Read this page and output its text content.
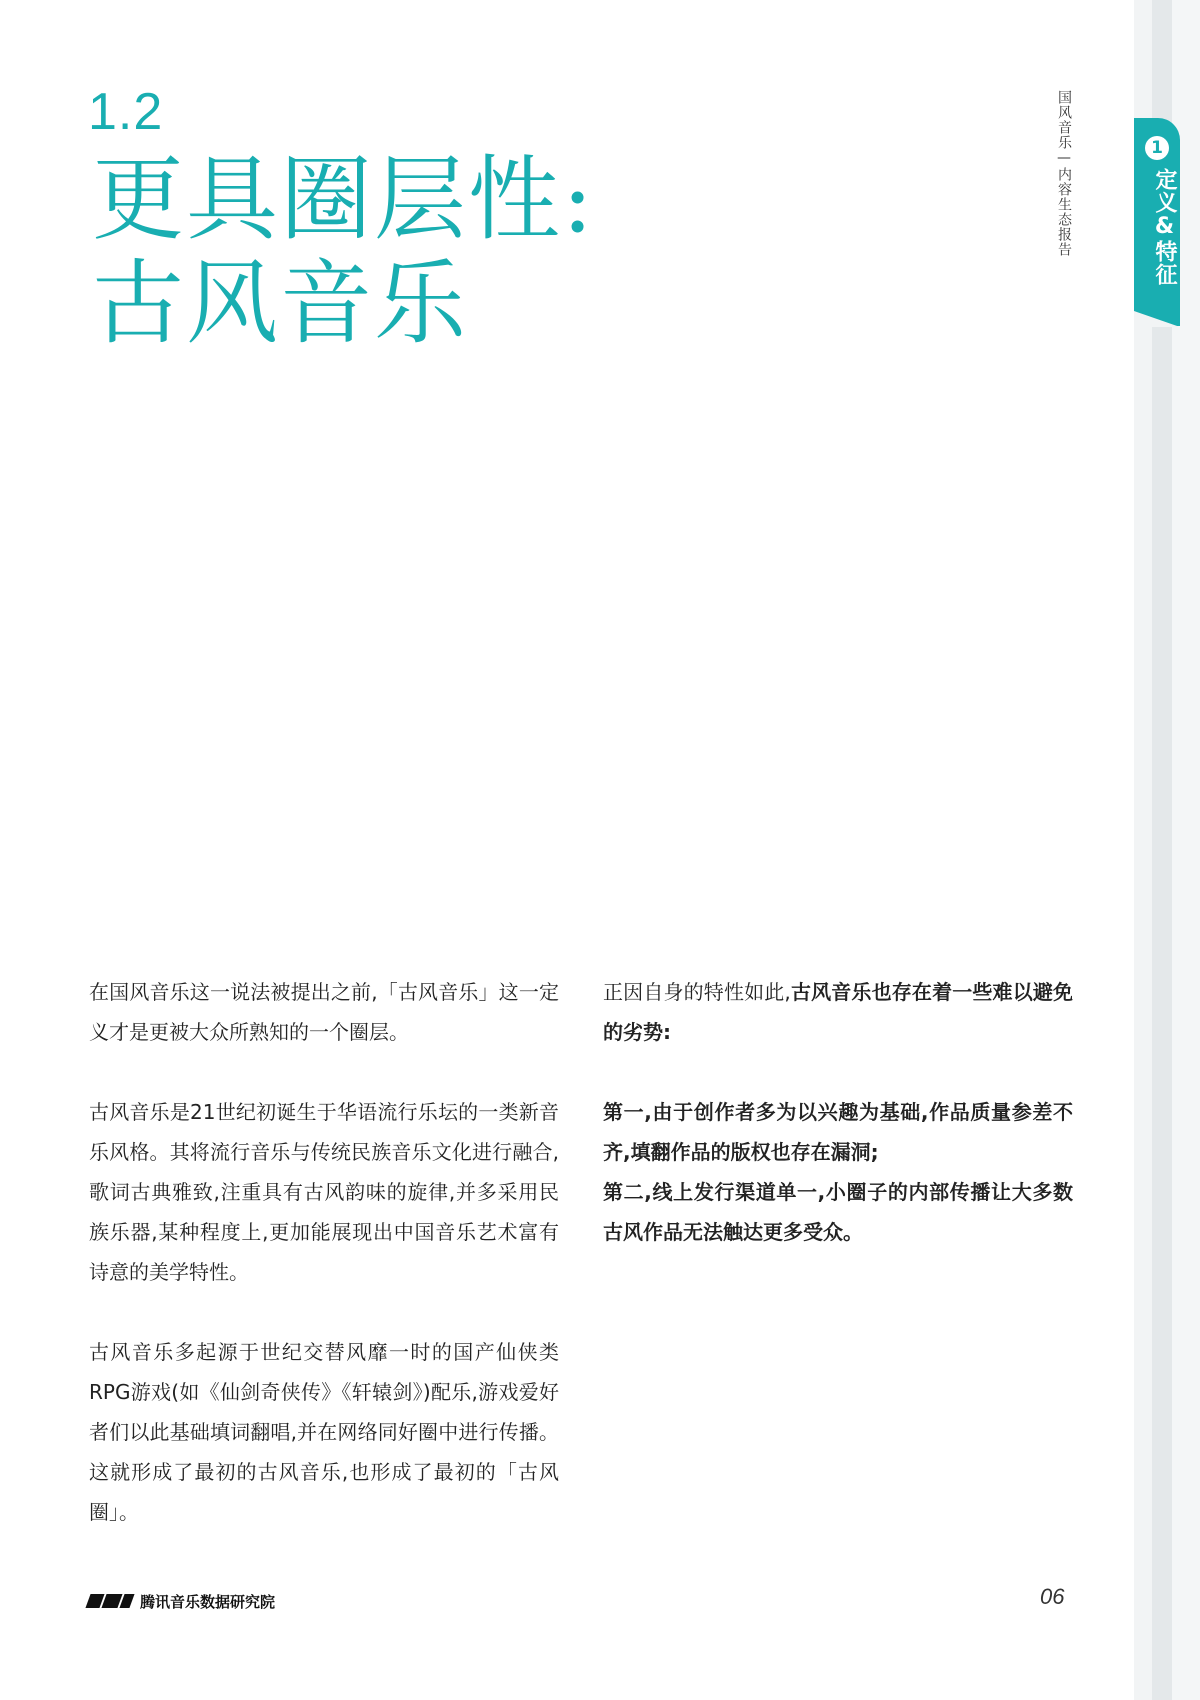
1
定义&特征
国风音乐—内容生态报告
1.2
更具圈层性:
古风音乐

在国风音乐这一说法被提出之前,「古风音乐」这一定义才是更被大众所熟知的一个圈层。

古风音乐是21世纪初诞生于华语流行乐坛的一类新音乐风格。其将流行音乐与传统民族音乐文化进行融合,歌词古典雅致,注重具有古风韵味的旋律,并多采用民族乐器,某种程度上,更加能展现出中国音乐艺术富有诗意的美学特性。

古风音乐多起源于世纪交替风靡一时的国产仙侠类RPG游戏(如《仙剑奇侠传》《轩辕剑》)配乐,游戏爱好者们以此基础填词翻唱,并在网络同好圈中进行传播。这就形成了最初的古风音乐,也形成了最初的「古风圈」。

正因自身的特性如此,古风音乐也存在着一些难以避免的劣势:

第一,由于创作者多为以兴趣为基础,作品质量参差不齐,填翻作品的版权也存在漏洞;

第二,线上发行渠道单一,小圈子的内部传播让大多数古风作品无法触达更多受众。

腾讯音乐数据研究院	06
